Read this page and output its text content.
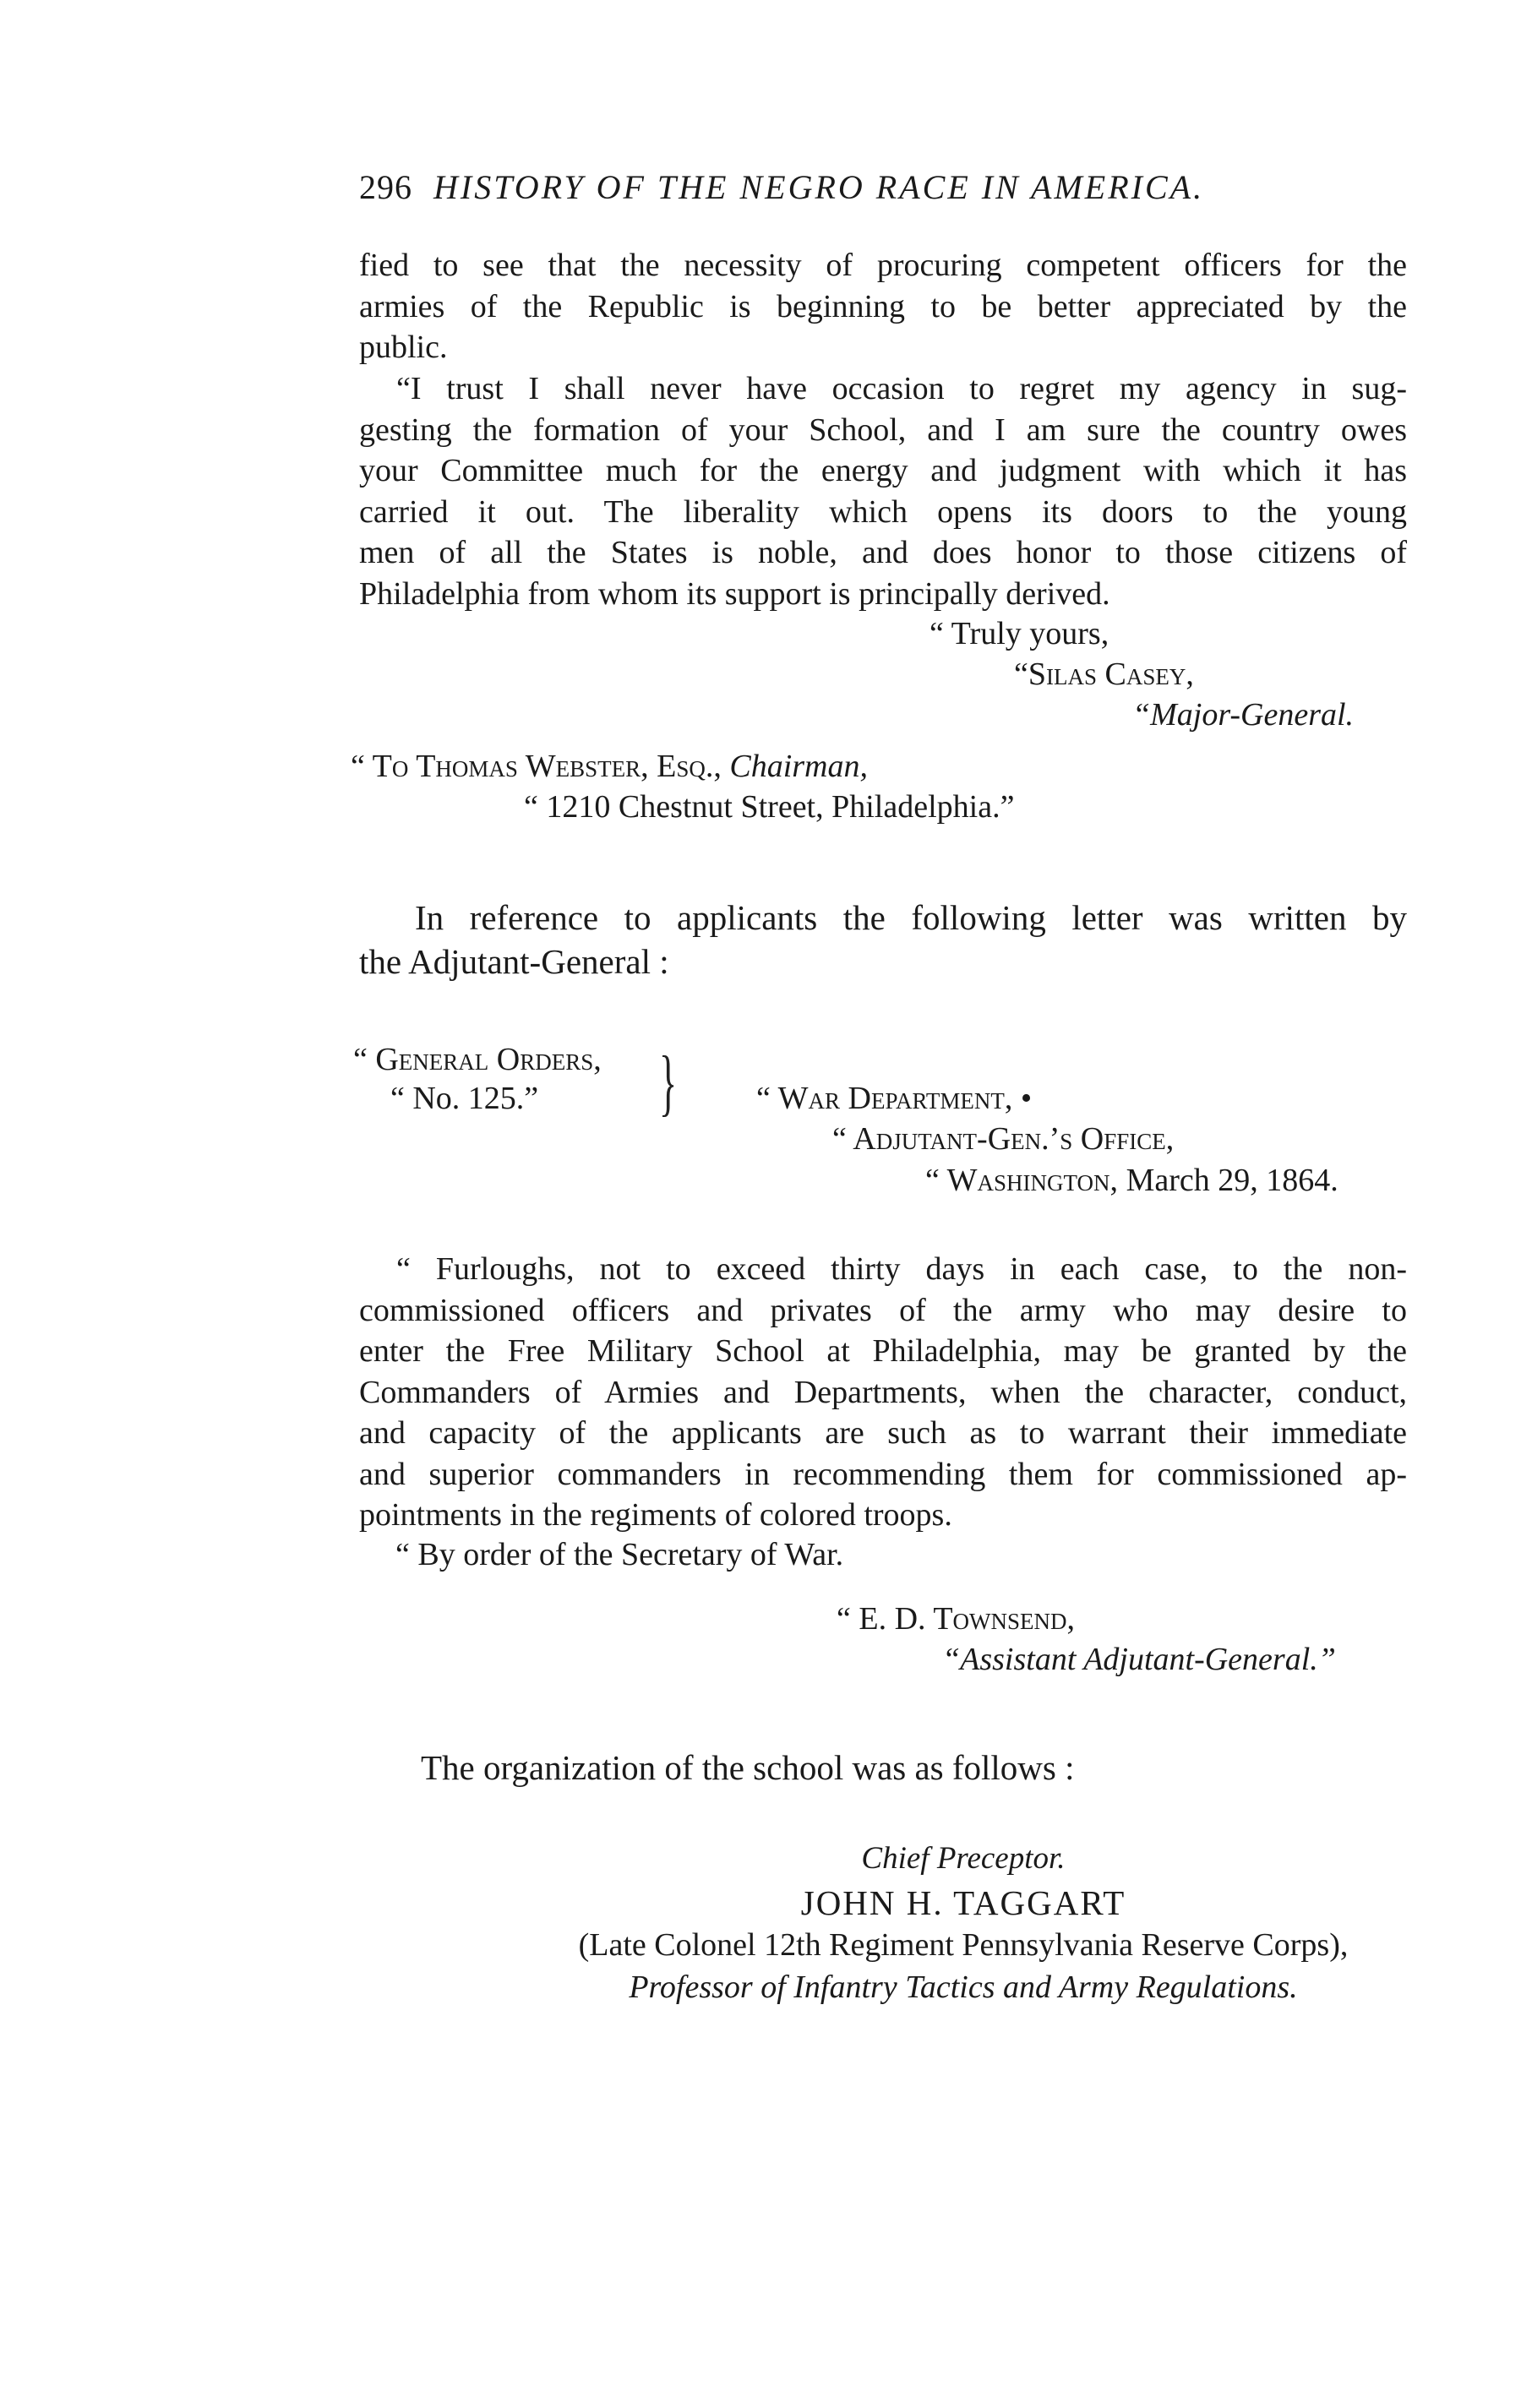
296 HISTORY OF THE NEGRO RACE IN AMERICA.
fied to see that the necessity of procuring competent officers for the
armies of the Republic is beginning to be better appreciated by the
public.
“I trust I shall never have occasion to regret my agency in sug-
gesting the formation of your School, and I am sure the country owes
your Committee much for the energy and judgment with which it has
carried it out. The liberality which opens its doors to the young
men of all the States is noble, and does honor to those citizens of
Philadelphia from whom its support is principally derived.
“ Truly yours,
“Silas Casey,
“Major-General.
“ To Thomas Webster, Esq., Chairman,
“ 1210 Chestnut Street, Philadelphia.”
In reference to applicants the following letter was written by
the Adjutant-General :
“ General Orders,
“ No. 125.” } “ War Department, •
“ Adjutant-Gen.’s Office,
“ Washington, March 29, 1864.
“ Furloughs, not to exceed thirty days in each case, to the non-
commissioned officers and privates of the army who may desire to
enter the Free Military School at Philadelphia, may be granted by the
Commanders of Armies and Departments, when the character, conduct,
and capacity of the applicants are such as to warrant their immediate
and superior commanders in recommending them for commissioned ap-
pointments in the regiments of colored troops.
“ By order of the Secretary of War.
“ E. D. Townsend,
“Assistant Adjutant-General.”
The organization of the school was as follows :
Chief Preceptor.
JOHN H. TAGGART
(Late Colonel 12th Regiment Pennsylvania Reserve Corps),
Professor of Infantry Tactics and Army Regulations.
